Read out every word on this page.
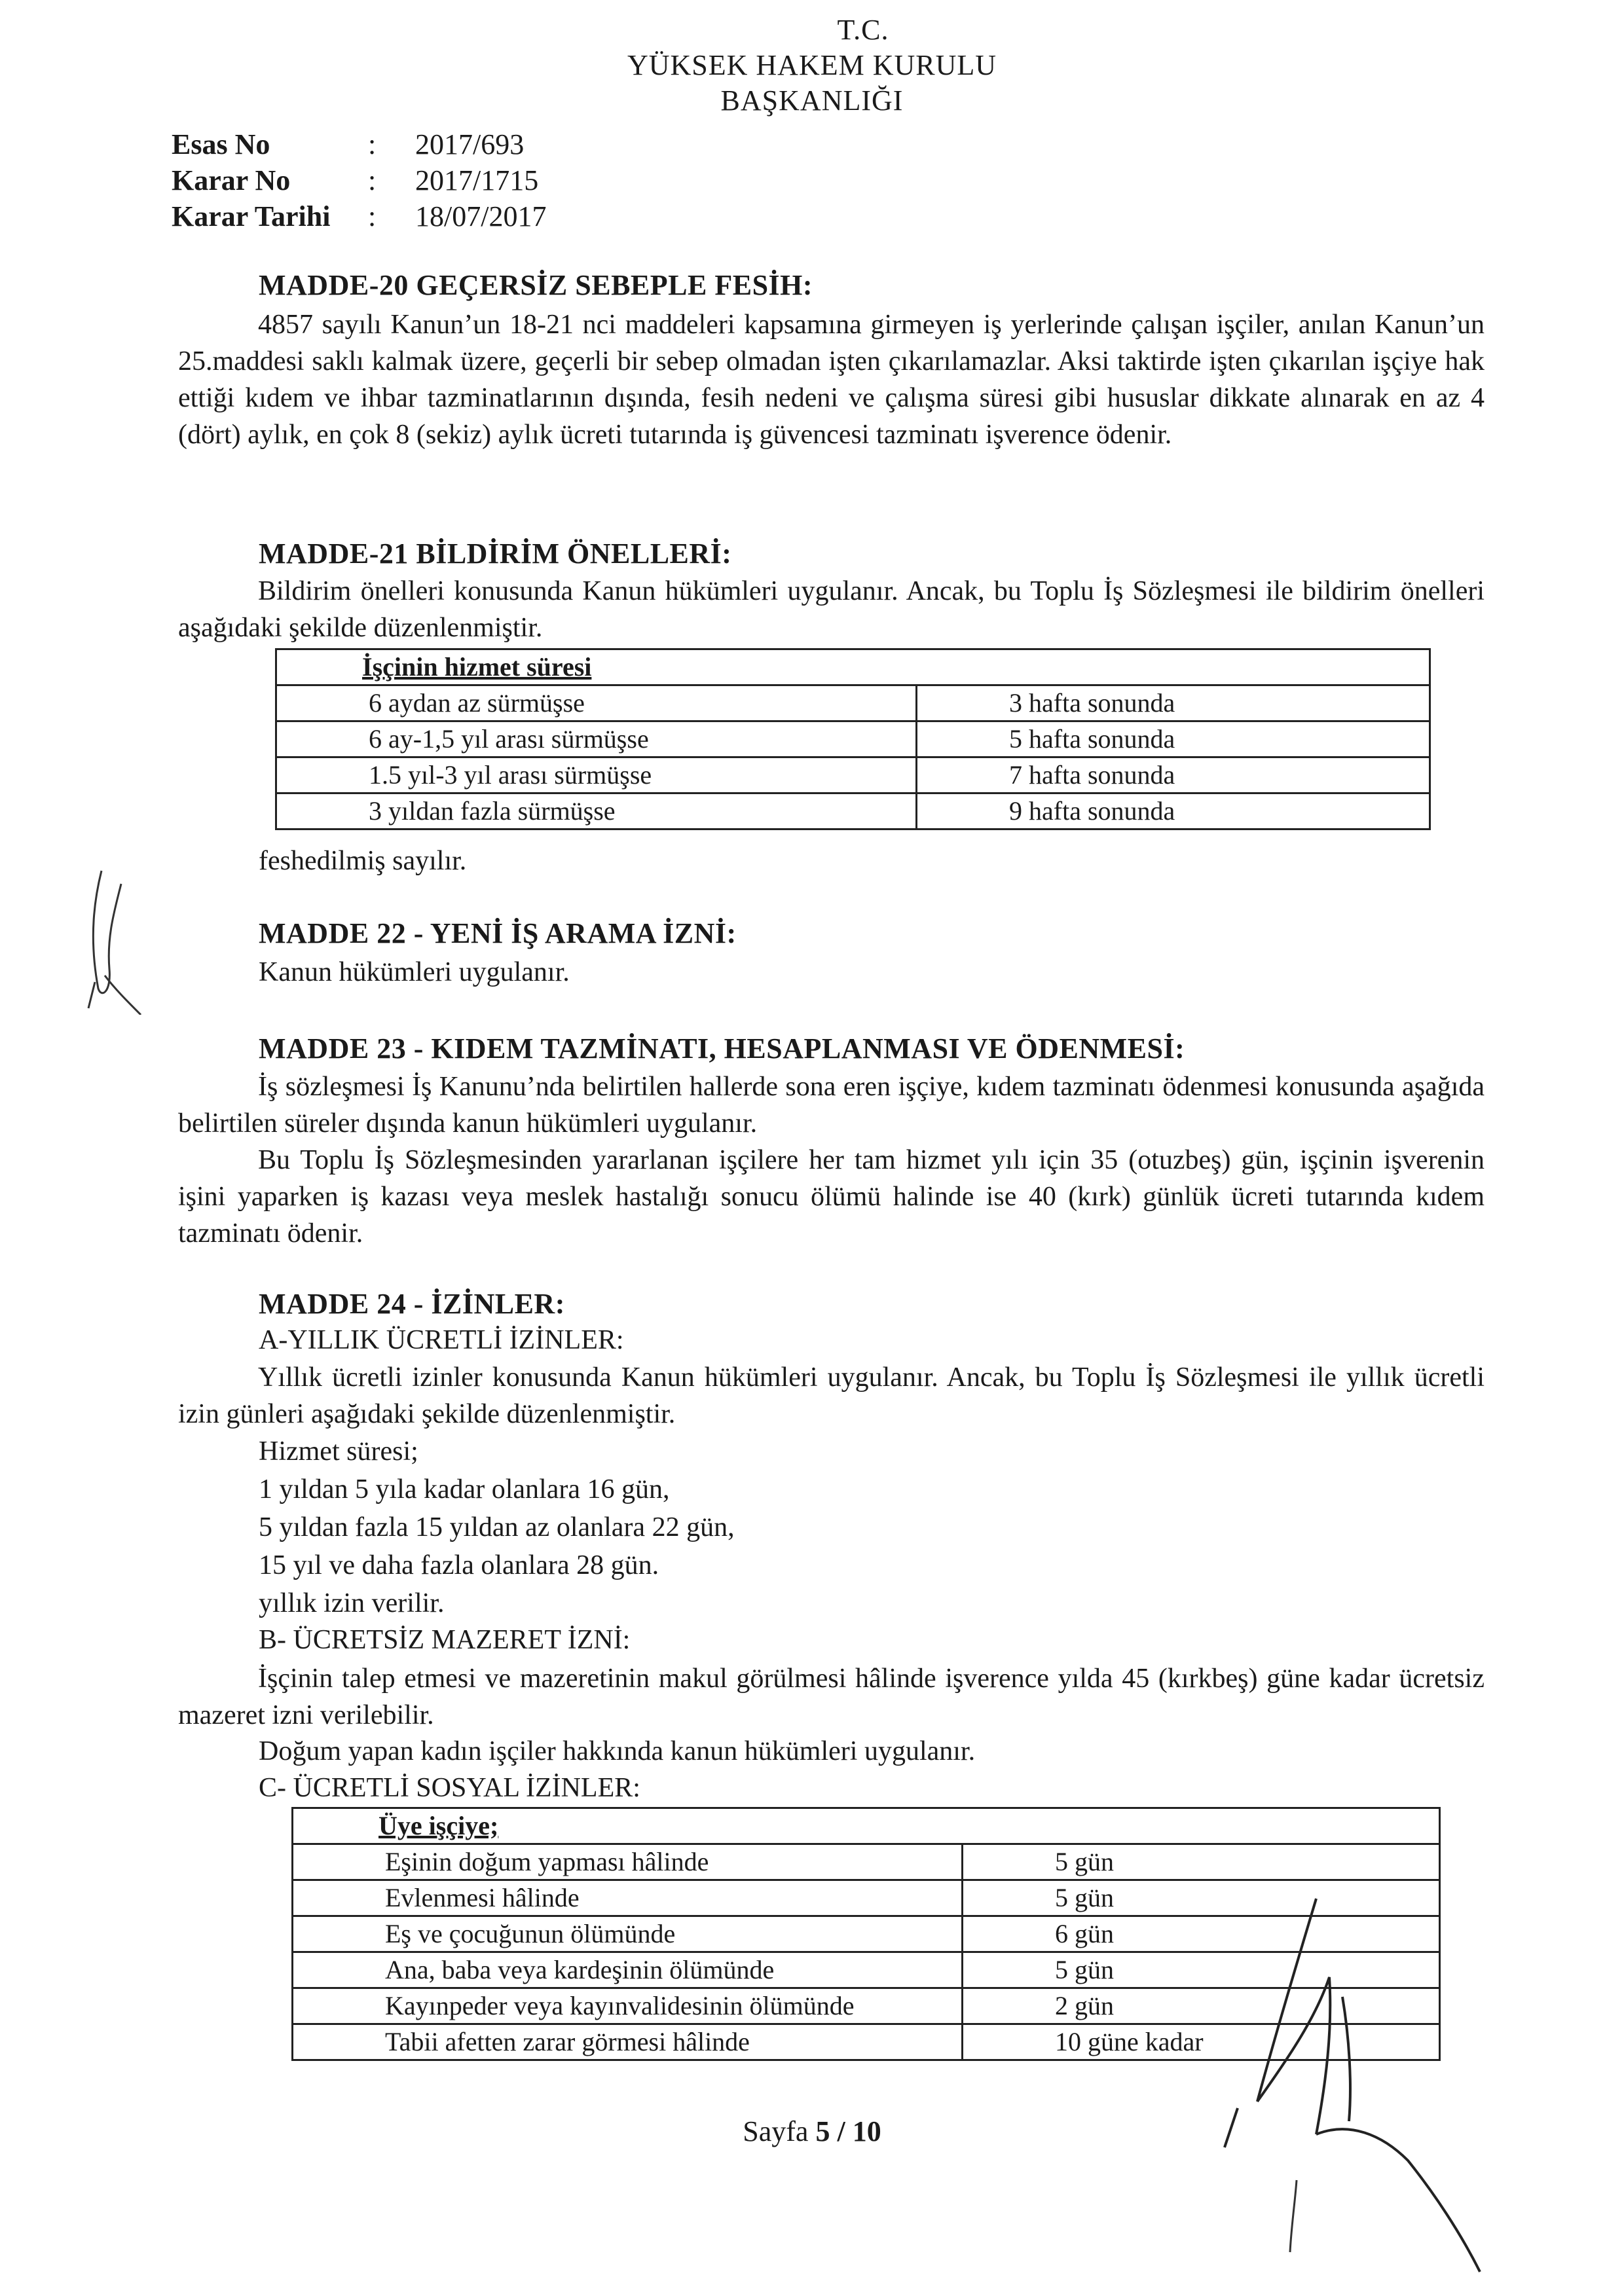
T.C.
YÜKSEK HAKEM KURULU
BAŞKANLIĞI
Esas No	: 2017/693
Karar No	: 2017/1715
Karar Tarihi : 18/07/2017
MADDE-20 GEÇERSİZ SEBEPLE FESİH:

4857 sayılı Kanun’un 18-21 nci maddeleri kapsamına girmeyen iş yerlerinde çalışan işçiler, anılan Kanun’un 25.maddesi saklı kalmak üzere, geçerli bir sebep olmadan işten çıkarılamazlar. Aksi taktirde işten çıkarılan işçiye hak ettiği kıdem ve ihbar tazminatlarının dışında, fesih nedeni ve çalışma süresi gibi hususlar dikkate alınarak en az 4 (dört) aylık, en çok 8 (sekiz) aylık ücreti tutarında iş güvencesi tazminatı işverence ödenir.

MADDE-21 BİLDİRİM ÖNELLERİ:

Bildirim önelleri konusunda Kanun hükümleri uygulanır. Ancak, bu Toplu İş Sözleşmesi ile bildirim önelleri aşağıdaki şekilde düzenlenmiştir.

İşçinin hizmet süresi	
6 aydan az sürmüşse	3 hafta sonunda
6 ay-1,5 yıl arası sürmüşse	5 hafta sonunda
1.5 yıl-3 yıl arası sürmüşse	7 hafta sonunda
3 yıldan fazla sürmüşse	9 hafta sonunda
feshedilmiş sayılır.
MADDE 22 - YENİ İŞ ARAMA İZNİ:
Kanun hükümleri uygulanır.
MADDE 23 - KIDEM TAZMİNATI, HESAPLANMASI VE ÖDENMESİ:

İş sözleşmesi İş Kanunu’nda belirtilen hallerde sona eren işçiye, kıdem tazminatı ödenmesi konusunda aşağıda belirtilen süreler dışında kanun hükümleri uygulanır.

Bu Toplu İş Sözleşmesinden yararlanan işçilere her tam hizmet yılı için 35 (otuzbeş) gün, işçinin işverenin işini yaparken iş kazası veya meslek hastalığı sonucu ölümü halinde ise 40 (kırk) günlük ücreti tutarında kıdem tazminatı ödenir.

MADDE 24 - İZİNLER:
A-YILLIK ÜCRETLİ İZİNLER:

Yıllık ücretli izinler konusunda Kanun hükümleri uygulanır. Ancak, bu Toplu İş Sözleşmesi ile yıllık ücretli izin günleri aşağıdaki şekilde düzenlenmiştir.

Hizmet süresi;
1 yıldan 5 yıla kadar olanlara 16 gün,
5 yıldan fazla 15 yıldan az olanlara 22 gün,
15 yıl ve daha fazla olanlara 28 gün.
yıllık izin verilir.
B- ÜCRETSİZ MAZERET İZNİ:

İşçinin talep etmesi ve mazeretinin makul görülmesi hâlinde işverence yılda 45 (kırkbeş) güne kadar ücretsiz mazeret izni verilebilir.

Doğum yapan kadın işçiler hakkında kanun hükümleri uygulanır.
C- ÜCRETLİ SOSYAL İZİNLER:
Üye işçiye;	
Eşinin doğum yapması hâlinde	5 gün
Evlenmesi hâlinde	5 gün
Eş ve çocuğunun ölümünde	6 gün
Ana, baba veya kardeşinin ölümünde	5 gün
Kayınpeder veya kayınvalidesinin ölümünde	2 gün
Tabii afetten zarar görmesi hâlinde	10 güne kadar
Sayfa 5 / 10
